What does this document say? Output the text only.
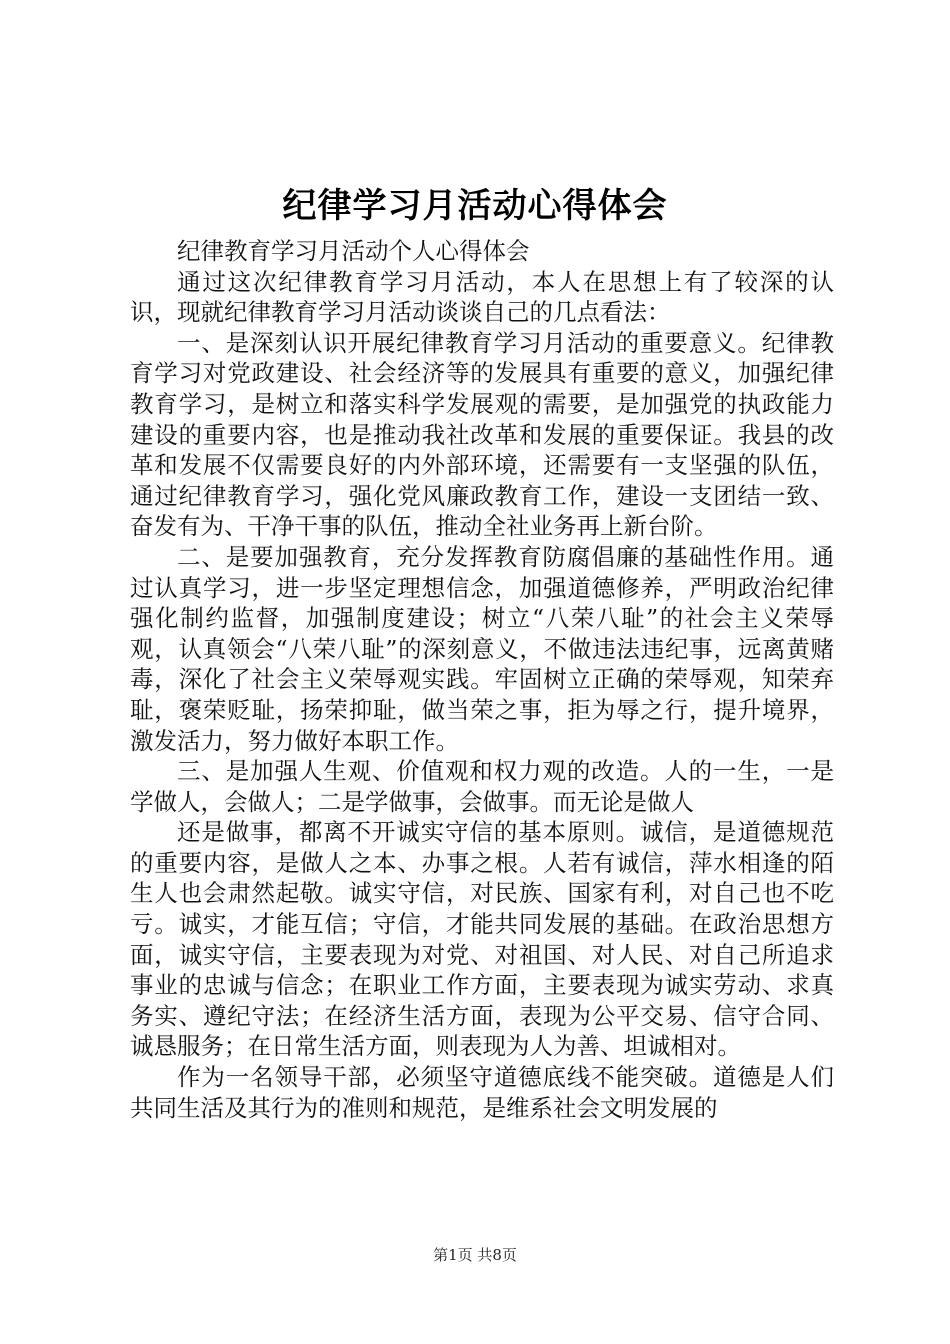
纪律学习月活动心得体会

纪律教育学习月活动个人心得体会

通过这次纪律教育学习月活动，本人在思想上有了较深的认识，现就纪律教育学习月活动谈谈自己的几点看法：

一、是深刻认识开展纪律教育学习月活动的重要意义。纪律教育学习对党政建设、社会经济等的发展具有重要的意义，加强纪律教育学习，是树立和落实科学发展观的需要，是加强党的执政能力建设的重要内容，也是推动我社改革和发展的重要保证。我县的改革和发展不仅需要良好的内外部环境，还需要有一支坚强的队伍，通过纪律教育学习，强化党风廉政教育工作，建设一支团结一致、奋发有为、干净干事的队伍，推动全社业务再上新台阶。

二、是要加强教育，充分发挥教育防腐倡廉的基础性作用。通过认真学习，进一步坚定理想信念，加强道德修养，严明政治纪律强化制约监督，加强制度建设；树立“八荣八耻”的社会主义荣辱观，认真领会“八荣八耻”的深刻意义，不做违法违纪事，远离黄赌毒，深化了社会主义荣辱观实践。牢固树立正确的荣辱观，知荣弃耻，褒荣贬耻，扬荣抑耻，做当荣之事，拒为辱之行，提升境界，激发活力，努力做好本职工作。

三、是加强人生观、价值观和权力观的改造。人的一生，一是学做人，会做人；二是学做事，会做事。而无论是做人

还是做事，都离不开诚实守信的基本原则。诚信，是道德规范的重要内容，是做人之本、办事之根。人若有诚信，萍水相逢的陌生人也会肃然起敬。诚实守信，对民族、国家有利，对自己也不吃亏。诚实，才能互信；守信，才能共同发展的基础。在政治思想方面，诚实守信，主要表现为对党、对祖国、对人民、对自己所追求事业的忠诚与信念；在职业工作方面，主要表现为诚实劳动、求真务实、遵纪守法；在经济生活方面，表现为公平交易、信守合同、诚恳服务；在日常生活方面，则表现为人为善、坦诚相对。

作为一名领导干部，必须坚守道德底线不能突破。道德是人们共同生活及其行为的准则和规范，是维系社会文明发展的

第1页 共8页
